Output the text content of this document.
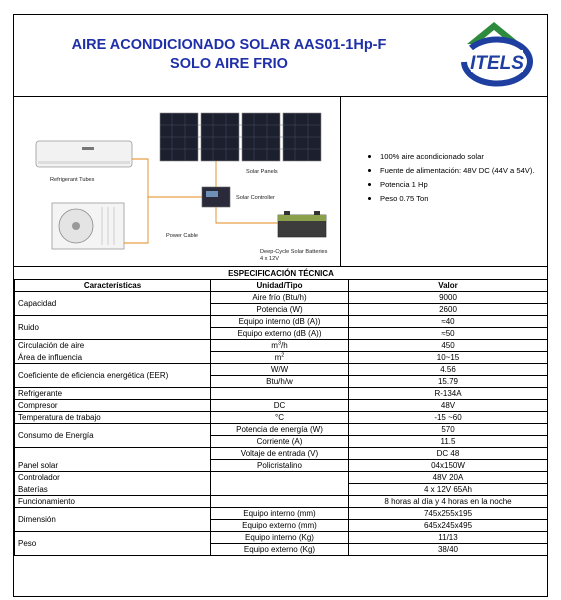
AIRE ACONDICIONADO SOLAR AAS01-1Hp-F
SOLO AIRE FRIO	ITELS
Solar Panels
Refrigerant Tubes
Solar Controller
Power Cable
Deep-Cycle Solar Batteries
4 x 12V
100% aire acondicionado solar
Fuente de alimentación: 48V DC (44V a 54V).
Potencia 1 Hp
Peso 0.75 Ton
ESPECIFICACIÓN TÉCNICA		
Características	Unidad/Tipo	Valor
Capacidad	Aire frío (Btu/h)	9000
	Potencia (W)	2600
Ruido	Equipo interno (dB (A))	≈40
	Equipo externo (dB (A))	≈50
Circulación de aire	$m^3/h$	450
Área de influencia	$m^2$	10~15
Coeficiente de eficiencia energética (EER)	W/W	4.56
	Btu/h/w	15.79
Refrigerante		R-134A
Compresor	DC	48V
Temperatura de trabajo	°C	-15 ~60
Consumo de Energía	Potencia de energía (W)	570
	Corriente (A)	11.5
	Voltaje de entrada (V)	DC 48
Panel solar	Policristalino	04x150W
Controlador		48V 20A
Baterías		4 x 12V 65Ah
Funcionamiento		8 horas al día y 4 horas en la noche
Dimensión	Equipo interno (mm)	745x255x195
	Equipo externo (mm)	645x245x495
Peso	Equipo interno (Kg)	11/13
	Equipo externo (Kg)	38/40
